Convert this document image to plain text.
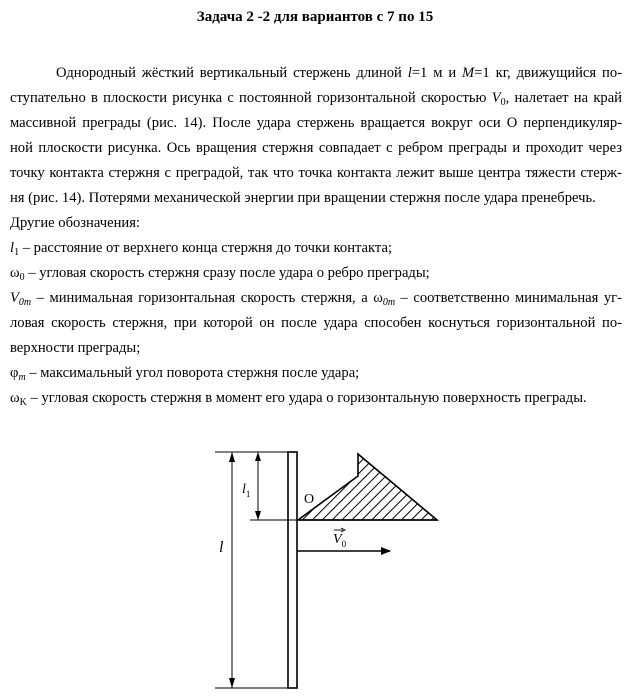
Задача 2 -2 для вариантов с 7 по 15
Однородный жёсткий вертикальный стержень длиной l=1 м и M=1 кг, движущийся по-
ступательно в плоскости рисунка с постоянной горизонтальной скоростью $V_0$, налетает на край
массивной преграды (рис. 14). После удара стержень вращается вокруг оси О перпендикуляр-
ной плоскости рисунка. Ось вращения стержня совпадает с ребром преграды и проходит через
точку контакта стержня с преградой, так что точка контакта лежит выше центра тяжести стерж-
ня (рис. 14). Потерями механической энергии при вращении стержня после удара пренебречь.
Другие обозначения:
$l_1$ – расстояние от верхнего конца стержня до точки контакта;
$\omega_0$ – угловая скорость стержня сразу после удара о ребро преграды;
$V_{0m}$ – минимальная горизонтальная скорость стержня, а $\omega_{0m}$ – соответственно минимальная уг-
ловая скорость стержня, при которой он после удара способен коснуться горизонтальной по-
верхности преграды;
$\varphi_m$ – максимальный угол поворота стержня после удара;
$\omega_K$ – угловая скорость стержня в момент его удара о горизонтальную поверхность преграды.
l
$l_1$	O
$V_0$
